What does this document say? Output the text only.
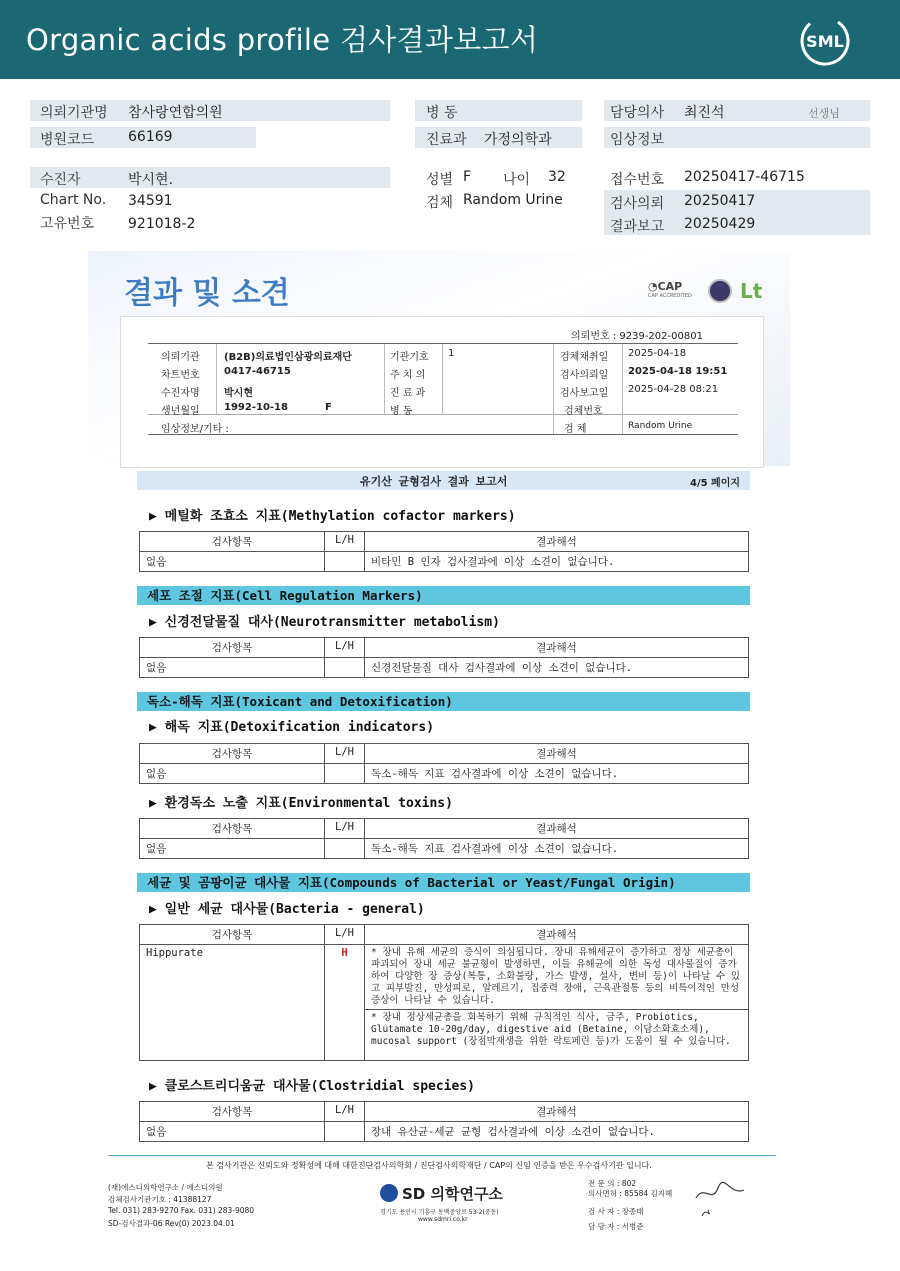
Organic acids profile 검사결과보고서	SML
의뢰기관명 참사랑연합의원	병 동	담당의사 최진석	선생님
병원코드 66169	진료과 가정의학과	임상정보
수진자	박시현.	성별 F 나이 32	접수번호 20250417-46715
Chart No. 34591	검체 Random Urine	검사의뢰 20250417
결과보고 20250429
고유번호 921018-2
결과 및 소견	◔CAP
CAP ACCREDITED	Lt
의뢰번호 : 9239-202-00801
의뢰기관 (B2B)의료법인삼광의료재단	기관기호 1	검체채취일 2025-04-18
차트번호 0417-46715	주 치 의	검사의뢰일 2025-04-18 19:51
수진자명 박시현	진 료 과	검사보고일 2025-04-28 08:21
생년월일 1992-10-18	F	병 동	검체번호
임상정보/기타 :	검 체	Random Urine
유기산 균형검사 결과 보고서	4/5 페이지
▶ 메틸화 조효소 지표(Methylation cofactor markers)
검사항목	L/H	결과해석
없음		비타민 B 인자 검사결과에 이상 소견이 없습니다.
세포 조절 지표(Cell Regulation Markers)
▶ 신경전달물질 대사(Neurotransmitter metabolism)
검사항목	L/H	결과해석
없음		신경전달물질 대사 검사결과에 이상 소견이 없습니다.
독소-해독 지표(Toxicant and Detoxification)
▶ 해독 지표(Detoxification indicators)
검사항목	L/H	결과해석
없음		독소-해독 지표 검사결과에 이상 소견이 없습니다.
▶ 환경독소 노출 지표(Environmental toxins)
검사항목	L/H	결과해석
없음		독소-해독 지표 검사결과에 이상 소견이 없습니다.
세균 및 곰팡이균 대사물 지표(Compounds of Bacterial or Yeast/Fungal Origin)
▶ 일반 세균 대사물(Bacteria - general)
검사항목	L/H	결과해석
Hippurate	H	* 장내 유해 세균의 증식이 의심됩니다. 장내 유해세균이 증가하고 정상 세균총이 파괴되어 장내 세균 불균형이 발생하면, 이들 유해균에 의한 독성 대사물질이 증가하여 다양한 장 증상(복통, 소화불량, 가스 발생, 설사, 변비 등)이 나타날 수 있고 피부발진, 만성피로, 알레르기, 집중력 장애, 근육관절통 등의 비특이적인 만성증상이 나타날 수 있습니다.
		* 장내 정상세균총을 회복하기 위해 규칙적인 식사, 금주, Probiotics, Glutamate 10-20g/day, digestive aid (Betaine, 이담소화효소제), mucosal support (장점막재생을 위한 락토페린 등)가 도움이 될 수 있습니다.
▶ 클로스트리디움균 대사물(Clostridial species)
검사항목	L/H	결과해석
없음		장내 유산균-세균 균형 검사결과에 이상 소견이 없습니다.
본 검사기관은 신뢰도와 정확성에 대해 대한진단검사의학회 / 진단검사의학재단 / CAP의 신임 인증을 받은 우수검사기관 입니다.
(재)에스디의학연구소 / 에스디의원
검체검사기관기호 : 41388127
Tel. 031) 283-9270 Fax. 031) 283-9080
SD-검사결과-06 Rev(0) 2023.04.01
SD 의학연구소
경기도 용인시 기흥구 동백중앙로 53-2(중동)
www.sdmri.co.kr
전 문 의 : 802
의사면허 : 85584 김지혜
검 사 자 : 장종태
담 당 자 : 서병준
